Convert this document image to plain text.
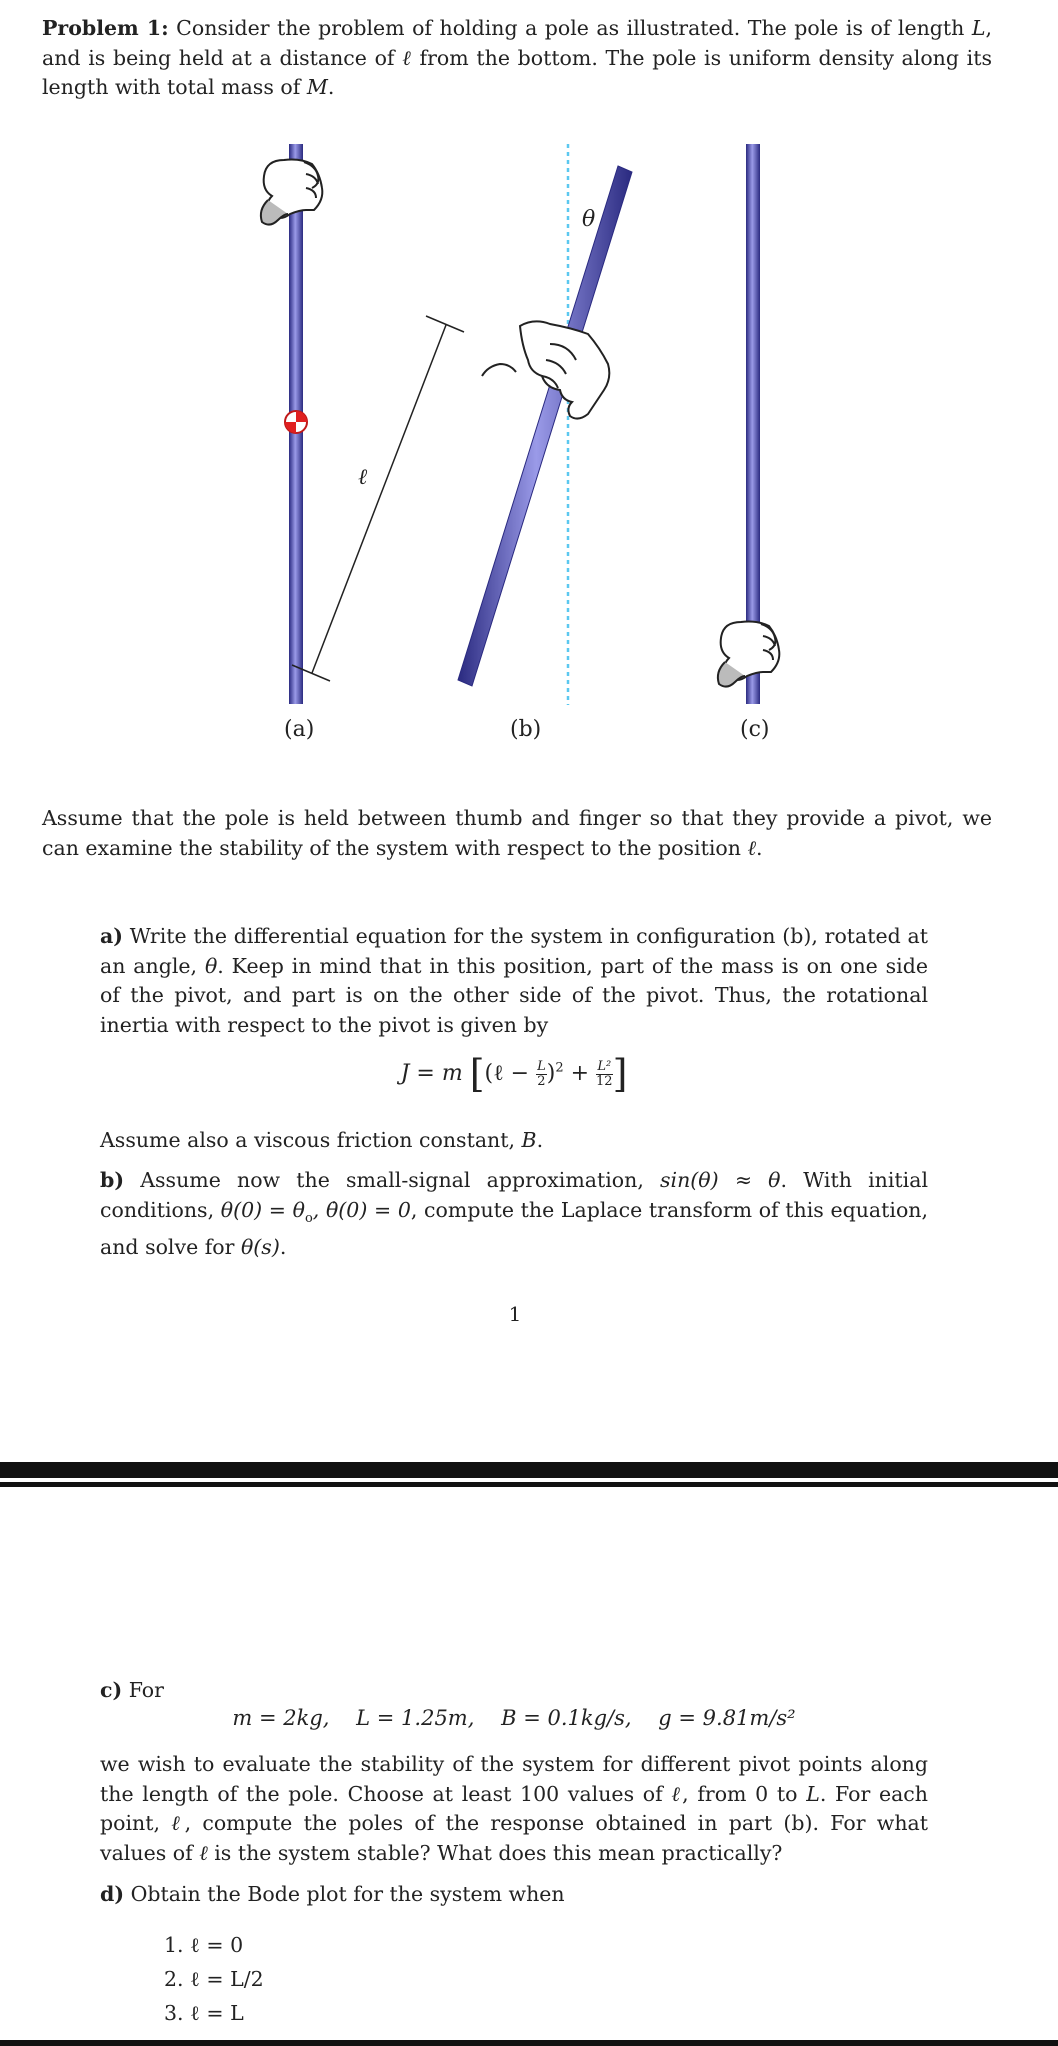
Problem 1: Consider the problem of holding a pole as illustrated. The pole is of length L, and is being held at a distance of ℓ from the bottom. The pole is uniform density along its length with total mass of M.

θ
ℓ
(a)	(b)	(c)

Assume that the pole is held between thumb and finger so that they provide a pivot, we can examine the stability of the system with respect to the position ℓ.

a) Write the differential equation for the system in configuration (b), rotated at an angle, θ. Keep in mind that in this position, part of the mass is on one side of the pivot, and part is on the other side of the pivot. Thus, the rotational inertia with respect to the pivot is given by

J = m [(ℓ − $\frac{L}{2} )^2 + \frac{\text{L²}}{12}$ ]

Assume also a viscous friction constant, B.

b) Assume now the small-signal approximation, sin(θ) ≈ θ. With initial conditions, $\theta(0) = \theta_o$, θ̇(0) = 0, compute the Laplace transform of this equation, and solve for θ(s).

1

c) For

m = 2kg,    L = 1.25m,    B = 0.1kg/s,    g = 9.81m/s²

we wish to evaluate the stability of the system for different pivot points along the length of the pole. Choose at least 100 values of ℓ, from 0 to L. For each point, ℓ, compute the poles of the response obtained in part (b). For what values of ℓ is the system stable? What does this mean practically?

d) Obtain the Bode plot for the system when

1. ℓ = 0
2. ℓ = L/2
3. ℓ = L
